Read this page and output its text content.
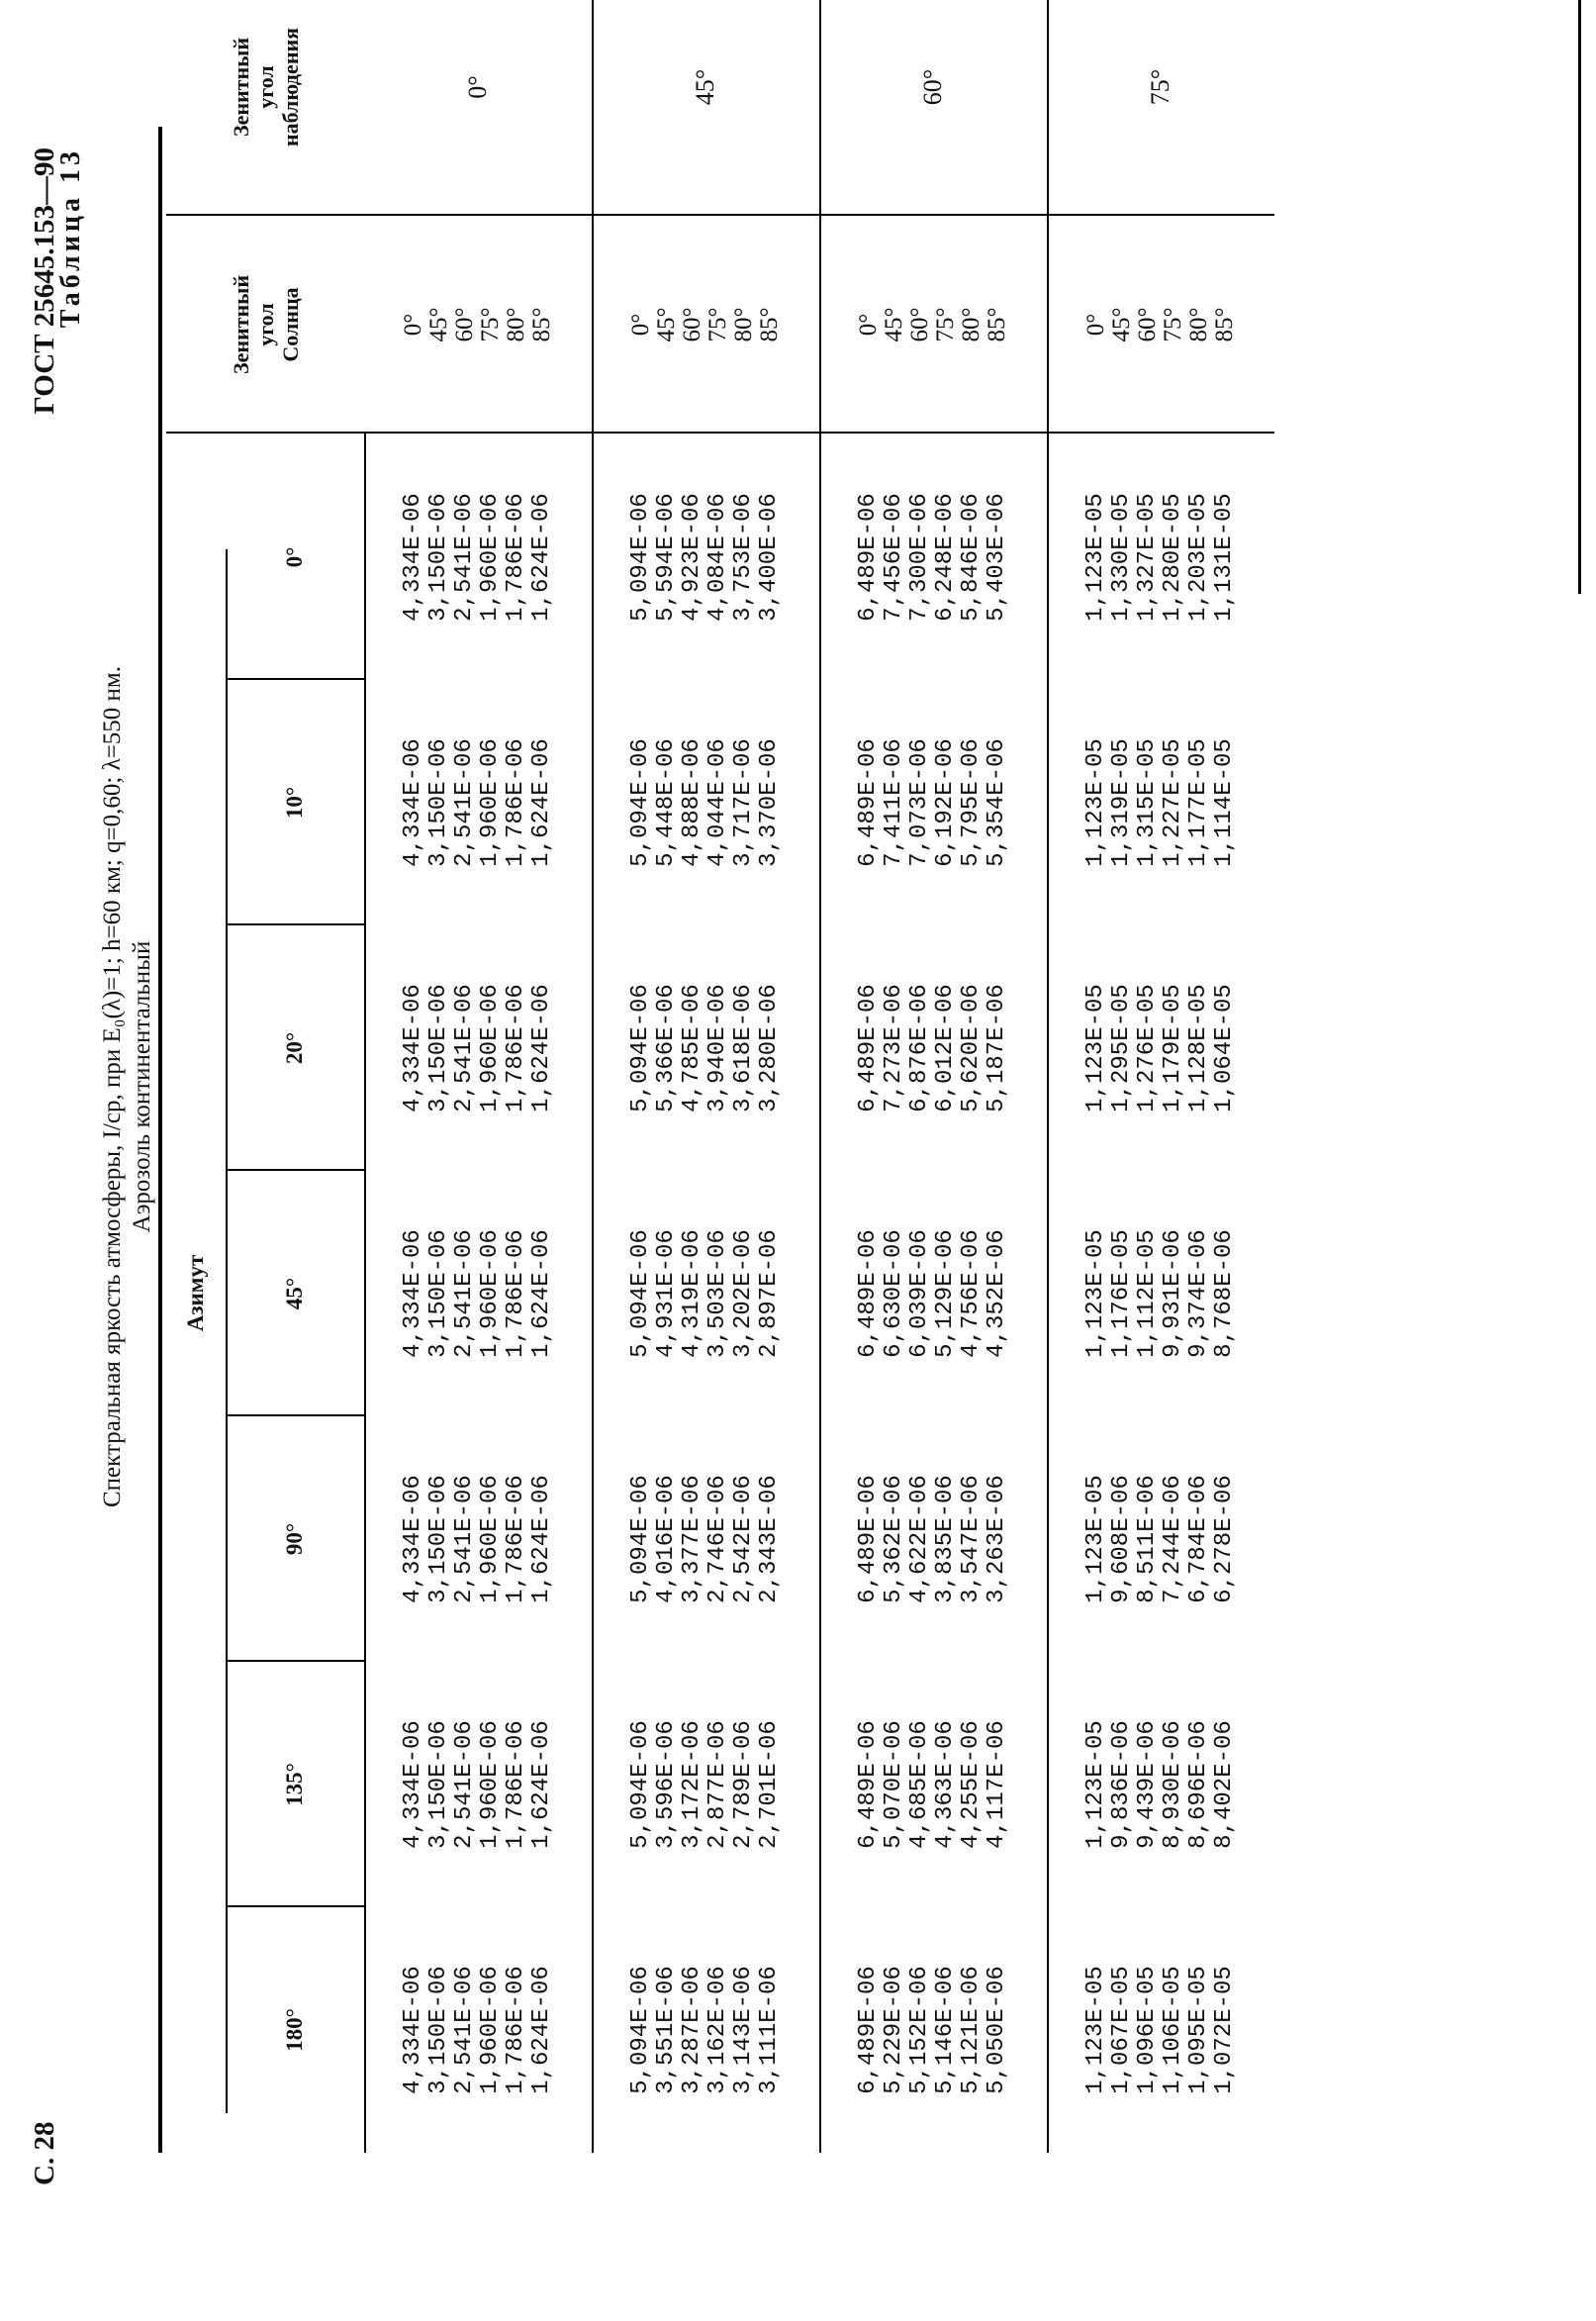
С. 28
ГОСТ 25645.153—90
Таблица 13
Спектральная яркость атмосферы, I/ср, при E₀(λ)=1; h=60 км; q=0,60; λ=550 нм. Аэрозоль континентальный
Зенитный
угол
наблюдения
Зенитный
угол
Солнца
Азимут
0°
10°
20°
45°
90°
135°
180°
0°
0° 45° 60° 75° 80° 85°
4,334E-06 3,150E-06 2,541E-06 1,960E-06 1,786E-06 1,624E-06
4,334E-06 3,150E-06 2,541E-06 1,960E-06 1,786E-06 1,624E-06
4,334E-06 3,150E-06 2,541E-06 1,960E-06 1,786E-06 1,624E-06
4,334E-06 3,150E-06 2,541E-06 1,960E-06 1,786E-06 1,624E-06
4,334E-06 3,150E-06 2,541E-06 1,960E-06 1,786E-06 1,624E-06
4,334E-06 3,150E-06 2,541E-06 1,960E-06 1,786E-06 1,624E-06
4,334E-06 3,150E-06 2,541E-06 1,960E-06 1,786E-06 1,624E-06
45°
0° 45° 60° 75° 80° 85°
5,094E-06 5,594E-06 4,923E-06 4,084E-06 3,753E-06 3,400E-06
5,094E-06 5,448E-06 4,888E-06 4,044E-06 3,717E-06 3,370E-06
5,094E-06 5,366E-06 4,785E-06 3,940E-06 3,618E-06 3,280E-06
5,094E-06 4,931E-06 4,319E-06 3,503E-06 3,202E-06 2,897E-06
5,094E-06 4,016E-06 3,377E-06 2,746E-06 2,542E-06 2,343E-06
5,094E-06 3,596E-06 3,172E-06 2,877E-06 2,789E-06 2,701E-06
5,094E-06 3,551E-06 3,287E-06 3,162E-06 3,143E-06 3,111E-06
60°
0° 45° 60° 75° 80° 85°
6,489E-06 7,456E-06 7,300E-06 6,248E-06 5,846E-06 5,403E-06
6,489E-06 7,411E-06 7,073E-06 6,192E-06 5,795E-06 5,354E-06
6,489E-06 7,273E-06 6,876E-06 6,012E-06 5,620E-06 5,187E-06
6,489E-06 6,630E-06 6,039E-06 5,129E-06 4,756E-06 4,352E-06
6,489E-06 5,362E-06 4,622E-06 3,835E-06 3,547E-06 3,263E-06
6,489E-06 5,070E-06 4,685E-06 4,363E-06 4,255E-06 4,117E-06
6,489E-06 5,229E-06 5,152E-06 5,146E-06 5,121E-06 5,050E-06
75°
0° 45° 60° 75° 80° 85°
1,123E-05 1,330E-05 1,327E-05 1,280E-05 1,203E-05 1,131E-05
1,123E-05 1,319E-05 1,315E-05 1,227E-05 1,177E-05 1,114E-05
1,123E-05 1,295E-05 1,276E-05 1,179E-05 1,128E-05 1,064E-05
1,123E-05 1,176E-05 1,112E-05 9,931E-06 9,374E-06 8,768E-06
1,123E-05 9,608E-06 8,511E-06 7,244E-06 6,784E-06 6,278E-06
1,123E-05 9,836E-06 9,439E-06 8,930E-06 8,696E-06 8,402E-06
1,123E-05 1,067E-05 1,096E-05 1,106E-05 1,095E-05 1,072E-05
